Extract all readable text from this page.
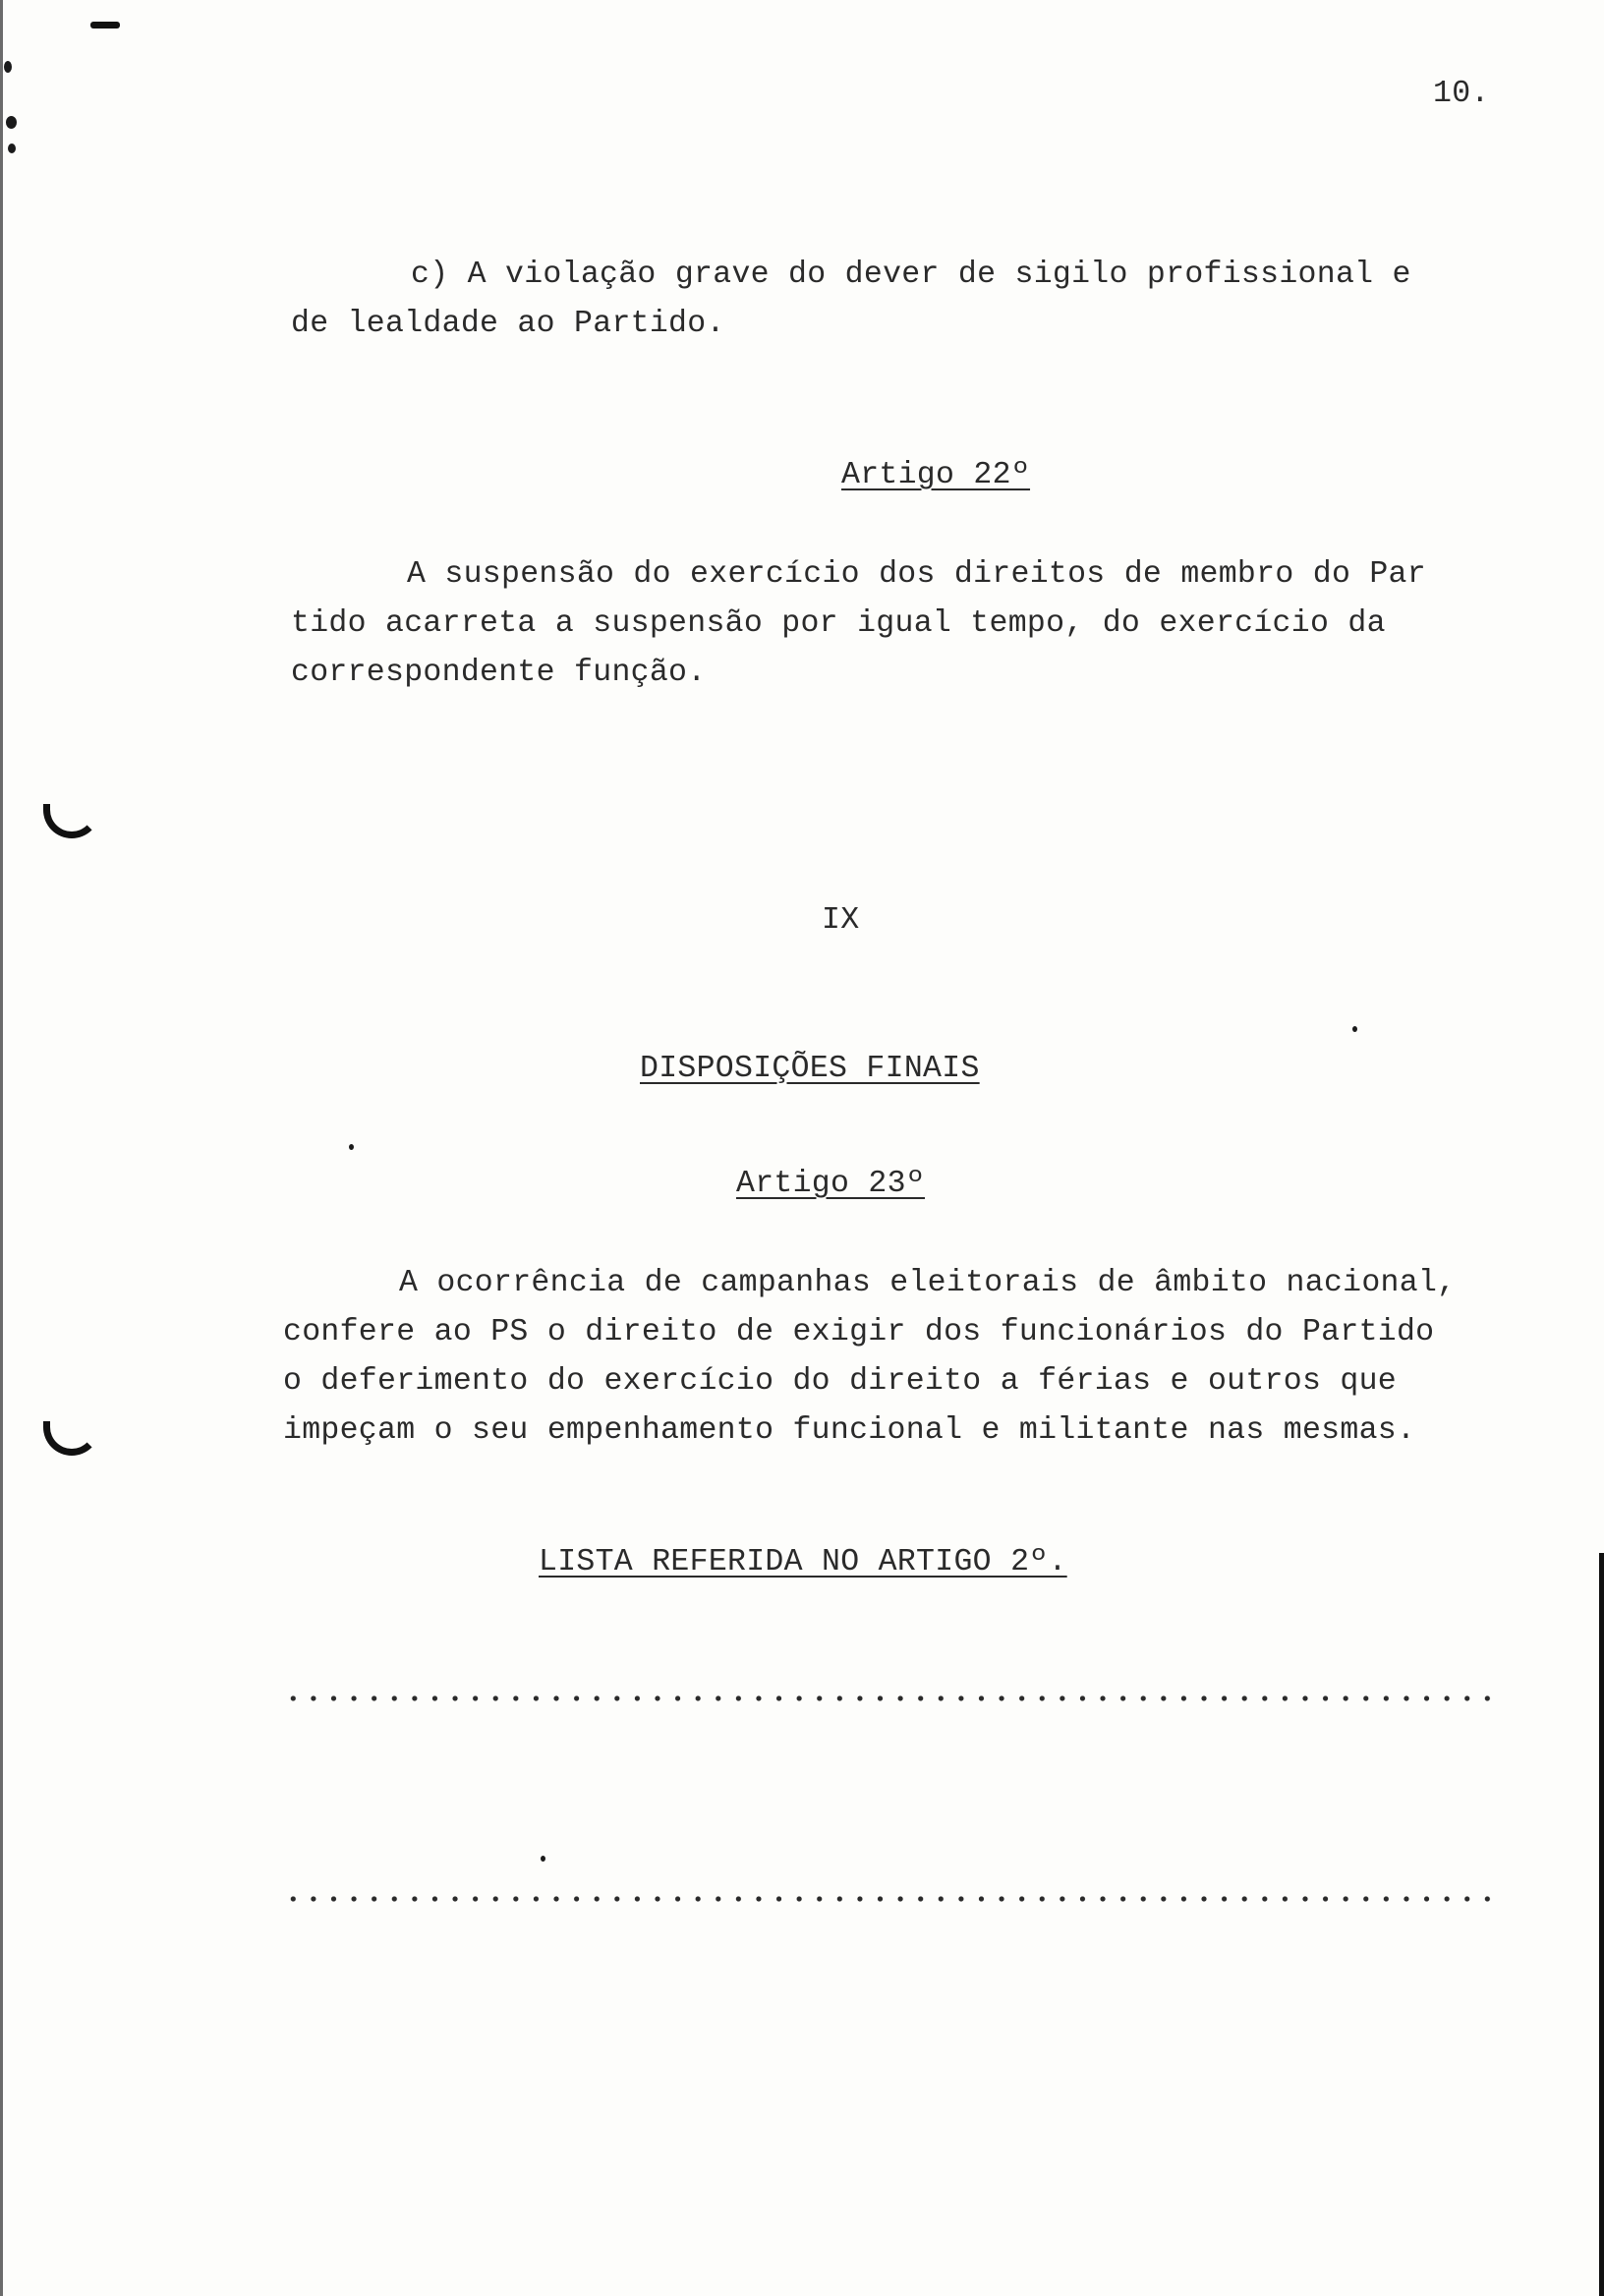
10.
c) A violação grave do dever de sigilo profissional e
de lealdade ao Partido.
Artigo 22º
A suspensão do exercício dos direitos de membro do Par
tido acarreta a suspensão por igual tempo, do exercício da
correspondente função.
IX
DISPOSIÇÕES FINAIS
Artigo 23º
A ocorrência de campanhas eleitorais de âmbito nacional,
confere ao PS o direito de exigir dos funcionários do Partido
o deferimento do exercício do direito a férias e outros que
impeçam o seu empenhamento funcional e militante nas mesmas.
LISTA REFERIDA NO ARTIGO 2º.
